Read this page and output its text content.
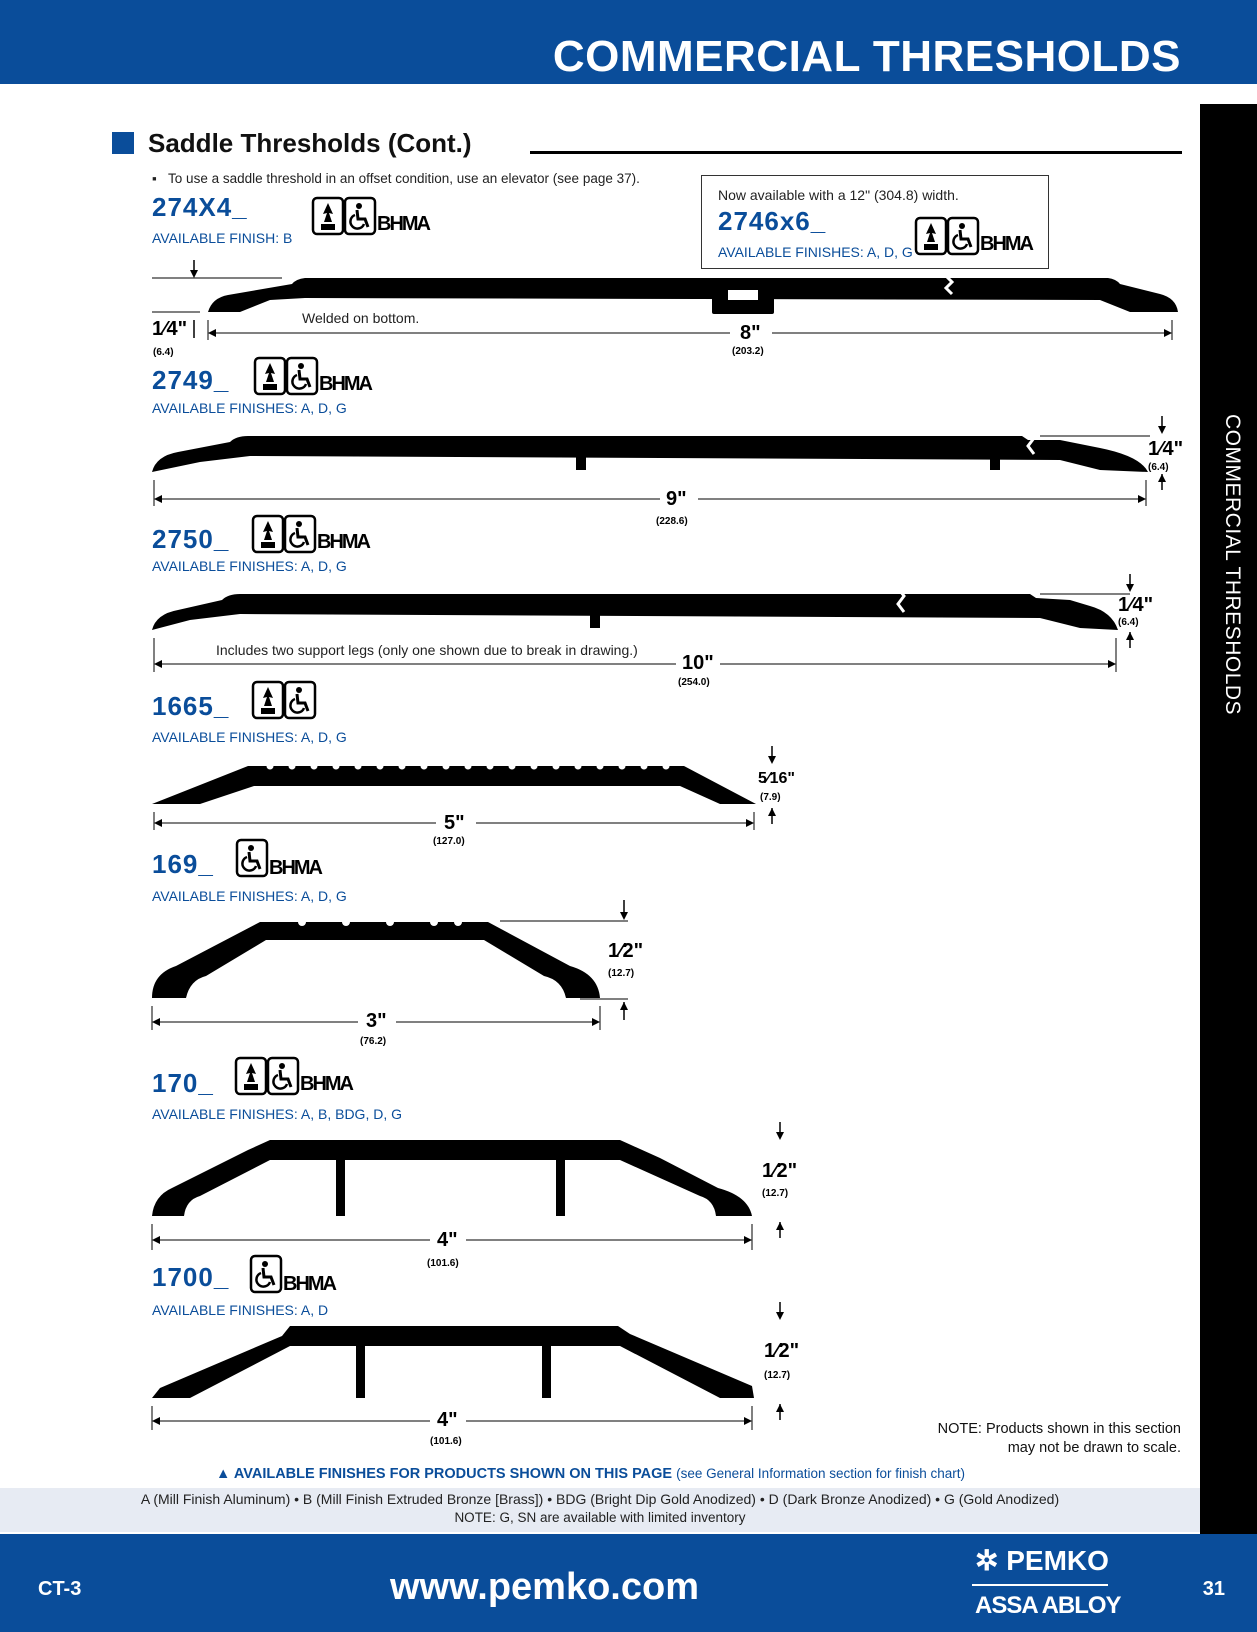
COMMERCIAL THRESHOLDS
COMMERCIAL THRESHOLDS
Saddle Thresholds (Cont.)
▪   To use a saddle threshold in an offset condition, use an elevator (see page 37).
Now available with a 12" (304.8) width.
2746x6_
AVAILABLE FINISHES: A, D, G
274X4_
AVAILABLE FINISH: B
2749_
AVAILABLE FINISHES: A, D, G
2750_
AVAILABLE FINISHES: A, D, G
1665_
AVAILABLE FINISHES: A, D, G
169_
AVAILABLE FINISHES: A, D, G
170_
AVAILABLE FINISHES: A, B, BDG, D, G
1700_
AVAILABLE FINISHES: A, D
BHMA
BHMA
BHMA
BHMA
BHMA
BHMA
BHMA
1⁄4"
(6.4)
8"
(203.2)
Welded on bottom.
1⁄4"
(6.4)
9"
(228.6)
1⁄4"
(6.4)
10"
(254.0)
Includes two support legs (only one shown due to break in drawing.)
5⁄16"
(7.9)
5"
(127.0)
1⁄2"
(12.7)
3"
(76.2)
1⁄2"
(12.7)
4"
(101.6)
1⁄2"
(12.7)
4"
(101.6)
NOTE: Products shown in this section
may not be drawn to scale.
▲ AVAILABLE FINISHES FOR PRODUCTS SHOWN ON THIS PAGE (see General Information section for finish chart)
A (Mill Finish Aluminum) • B (Mill Finish Extruded Bronze [Brass]) • BDG (Bright Dip Gold Anodized) • D (Dark Bronze Anodized) • G (Gold Anodized)
NOTE: G, SN are available with limited inventory
CT-3	www.pemko.com
✲ PEMKO
ASSA ABLOY
31
